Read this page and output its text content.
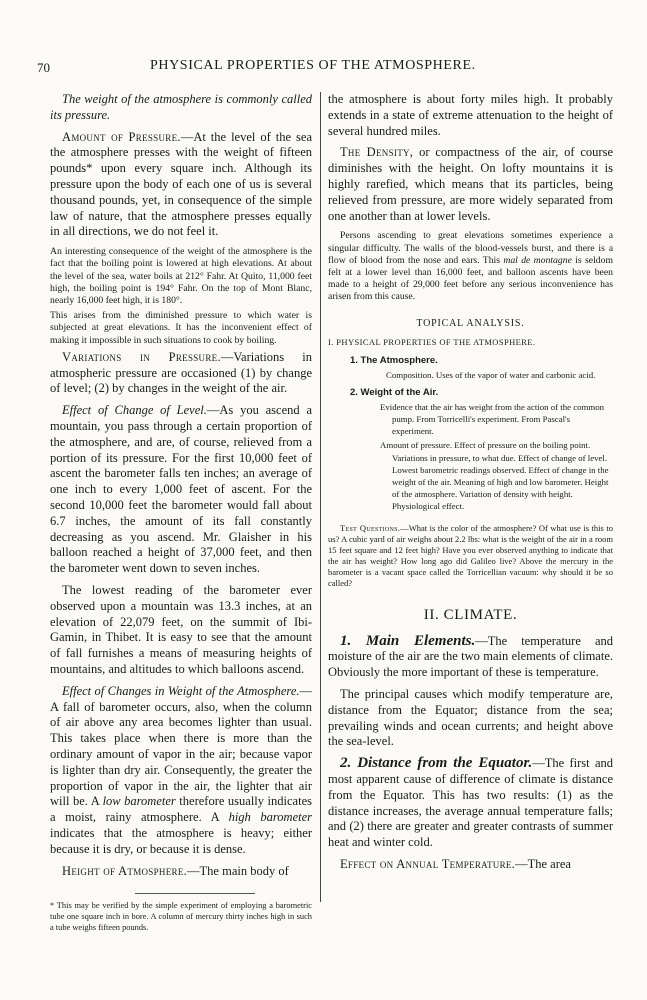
70	PHYSICAL PROPERTIES OF THE ATMOSPHERE.

The weight of the atmosphere is commonly called its pressure.

Amount of Pressure.—At the level of the sea the atmosphere presses with the weight of fifteen pounds* upon every square inch. Although its pressure upon the body of each one of us is several thousand pounds, yet, in consequence of the simple law of nature, that the atmosphere presses equally in all directions, we do not feel it.

An interesting consequence of the weight of the atmosphere is the fact that the boiling point is lowered at high elevations. At about the level of the sea, water boils at 212° Fahr. At Quito, 11,000 feet high, the boiling point is 194° Fahr. On the top of Mont Blanc, nearly 16,000 feet high, it is 180°.

This arises from the diminished pressure to which water is subjected at great elevations. It has the inconvenient effect of making it impossible in such situations to cook by boiling.

Variations in Pressure.—Variations in atmospheric pressure are occasioned (1) by change of level; (2) by changes in the weight of the air.

Effect of Change of Level.—As you ascend a mountain, you pass through a certain proportion of the atmosphere, and are, of course, relieved from a portion of its pressure. For the first 10,000 feet of ascent the barometer falls ten inches; an average of one inch to every 1,000 feet of ascent. For the second 10,000 feet the barometer would fall about 6.7 inches, the amount of its fall constantly decreasing as you ascend. Mr. Glaisher in his balloon reached a height of 37,000 feet, and then the barometer went down to seven inches.

The lowest reading of the barometer ever observed upon a mountain was 13.3 inches, at an elevation of 22,079 feet, on the summit of Ibi-Gamin, in Thibet. It is easy to see that the amount of fall furnishes a means of measuring heights of mountains, and altitudes to which balloons ascend.

Effect of Changes in Weight of the Atmosphere.—A fall of barometer occurs, also, when the column of air above any area becomes lighter than usual. This takes place when there is more than the ordinary amount of vapor in the air; because vapor is lighter than dry air. Consequently, the greater the proportion of vapor in the air, the lighter that air will be. A low barometer therefore usually indicates a moist, rainy atmosphere. A high barometer indicates that the atmosphere is heavy; either because it is dry, or because it is dense.

Height of Atmosphere.—The main body of

* This may be verified by the simple experiment of employing a barometric tube one square inch in bore. A column of mercury thirty inches high in such a tube weighs fifteen pounds.

the atmosphere is about forty miles high. It probably extends in a state of extreme attenuation to the height of several hundred miles.

The Density, or compactness of the air, of course diminishes with the height. On lofty mountains it is highly rarefied, which means that its particles, being relieved from pressure, are more widely separated from one another than at lower levels.

Persons ascending to great elevations sometimes experience a singular difficulty. The walls of the blood-vessels burst, and there is a flow of blood from the nose and ears. This mal de montagne is seldom felt at a lower level than 16,000 feet, and balloon ascents have been made to a height of 29,000 feet before any serious inconvenience has arisen from this cause.

TOPICAL ANALYSIS.
I. PHYSICAL PROPERTIES OF THE ATMOSPHERE.
1. The Atmosphere.
Composition. Uses of the vapor of water and carbonic acid.
2. Weight of the Air.
Evidence that the air has weight from the action of the common pump. From Torricelli's experiment. From Pascal's experiment.
Amount of pressure. Effect of pressure on the boiling point. Variations in pressure, to what due. Effect of change of level. Lowest barometric readings observed. Effect of change in the weight of the air. Meaning of high and low barometer. Height of the atmosphere. Variation of density with height. Physiological effect.

Test Questions.—What is the color of the atmosphere? Of what use is this to us? A cubic yard of air weighs about 2.2 lbs: what is the weight of the air in a room 15 feet square and 12 feet high? Have you ever observed anything to indicate that the air has weight? How long ago did Galileo live? Above the mercury in the barometer is a vacant space called the Torricellian vacuum: why should it be so called?

II. CLIMATE.

1. Main Elements.—The temperature and moisture of the air are the two main elements of climate. Obviously the more important of these is temperature.

The principal causes which modify temperature are, distance from the Equator; distance from the sea; prevailing winds and ocean currents; and height above the sea-level.

2. Distance from the Equator.—The first and most apparent cause of difference of climate is distance from the Equator. This has two results: (1) as the distance increases, the average annual temperature falls; and (2) there are greater and greater contrasts of summer heat and winter cold.

Effect on Annual Temperature.—The area
